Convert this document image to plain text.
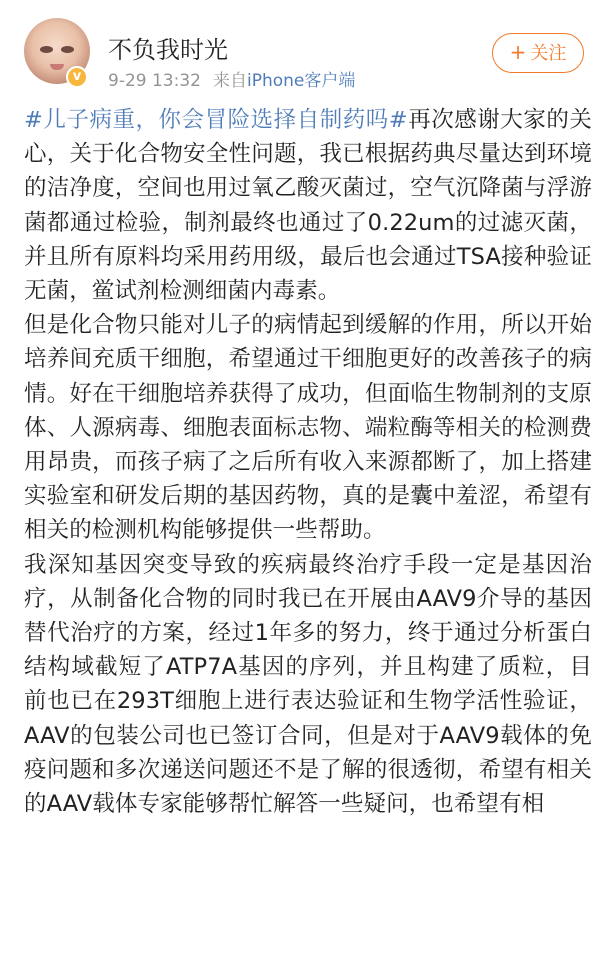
v
不负我时光
9-29 13:32 来自iPhone客户端
+ 关注

#儿子病重，你会冒险选择自制药吗#再次感谢大家的关心，关于化合物安全性问题，我已根据药典尽量达到环境的洁净度，空间也用过氧乙酸灭菌过，空气沉降菌与浮游菌都通过检验，制剂最终也通过了0.22um的过滤灭菌，并且所有原料均采用药用级，最后也会通过TSA接种验证无菌，鲎试剂检测细菌内毒素。

但是化合物只能对儿子的病情起到缓解的作用，所以开始培养间充质干细胞，希望通过干细胞更好的改善孩子的病情。好在干细胞培养获得了成功，但面临生物制剂的支原体、人源病毒、细胞表面标志物、端粒酶等相关的检测费用昂贵，而孩子病了之后所有收入来源都断了，加上搭建实验室和研发后期的基因药物，真的是囊中羞涩，希望有相关的检测机构能够提供一些帮助。

我深知基因突变导致的疾病最终治疗手段一定是基因治疗，从制备化合物的同时我已在开展由AAV9介导的基因替代治疗的方案，经过1年多的努力，终于通过分析蛋白结构域截短了ATP7A基因的序列，并且构建了质粒，目前也已在293T细胞上进行表达验证和生物学活性验证，AAV的包装公司也已签订合同，但是对于AAV9载体的免疫问题和多次递送问题还不是了解的很透彻，希望有相关的AAV载体专家能够帮忙解答一些疑问，也希望有相
